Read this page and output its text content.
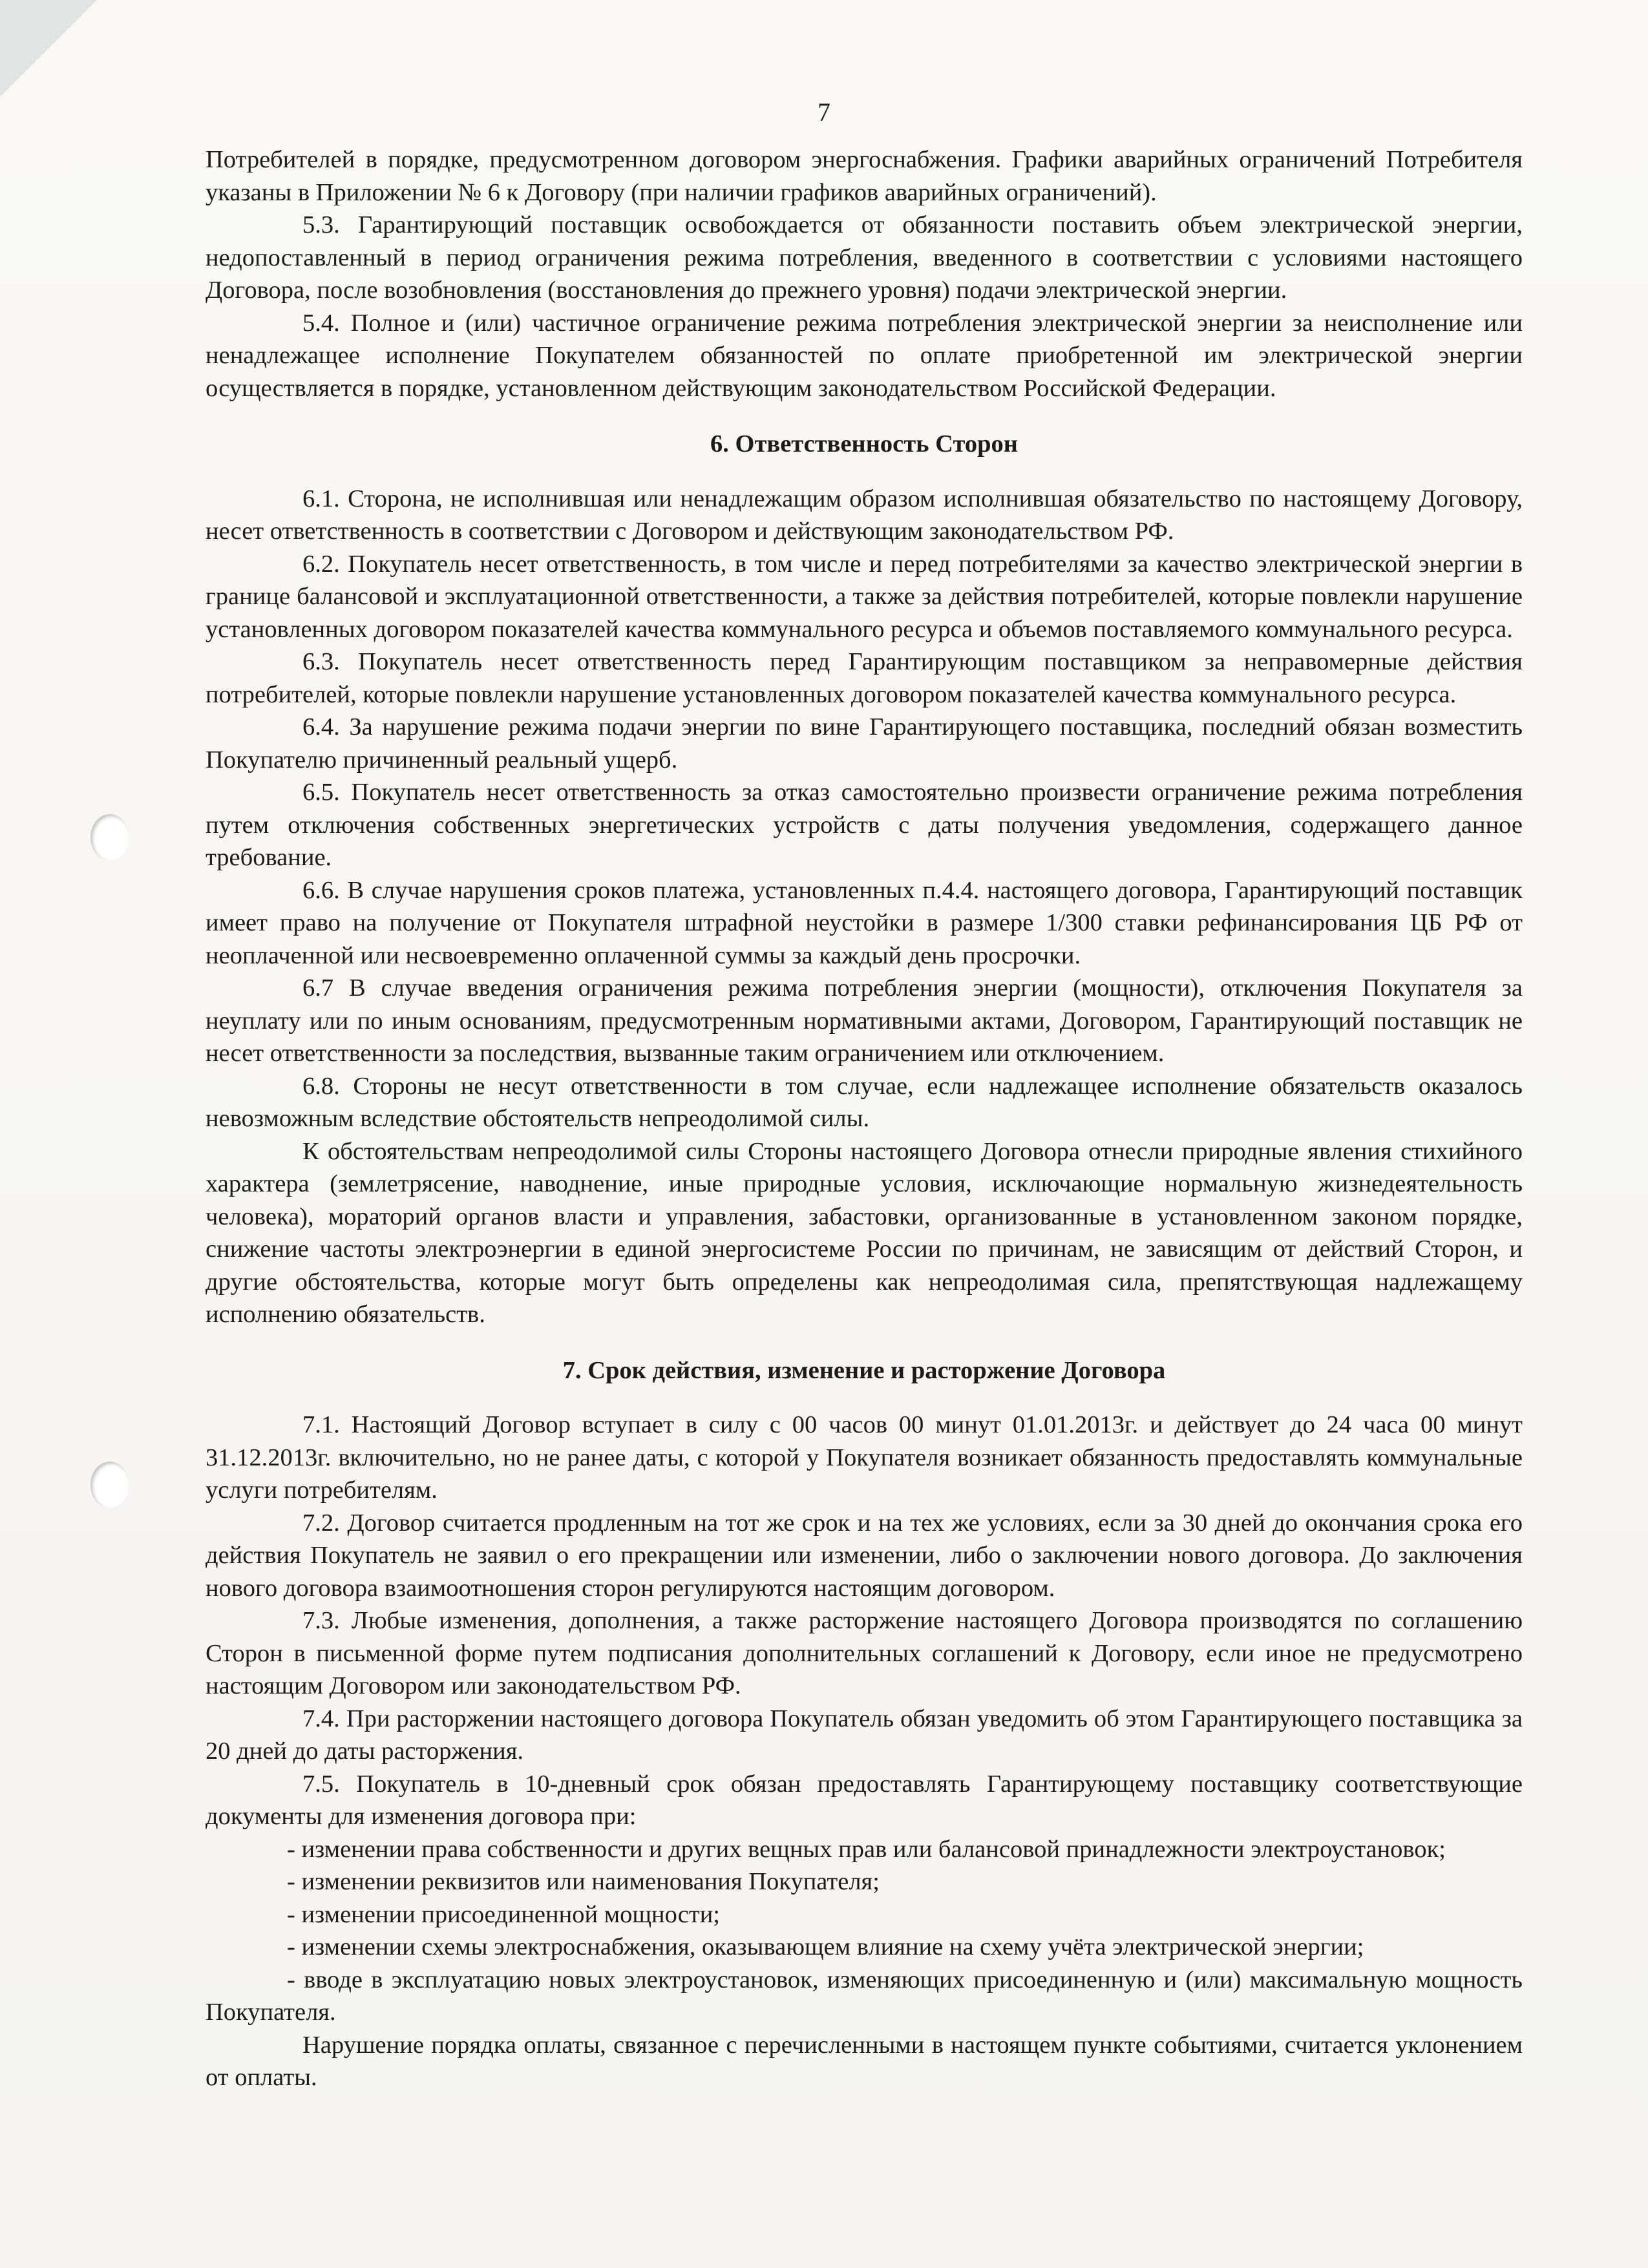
7

Потребителей в порядке, предусмотренном договором энергоснабжения. Графики аварийных ограничений Потребителя указаны в Приложении № 6 к Договору (при наличии графиков аварийных ограничений).

5.3. Гарантирующий поставщик освобождается от обязанности поставить объем электрической энергии, недопоставленный в период ограничения режима потребления, введенного в соответствии с условиями настоящего Договора, после возобновления (восстановления до прежнего уровня) подачи электрической энергии.

5.4. Полное и (или) частичное ограничение режима потребления электрической энергии за неисполнение или ненадлежащее исполнение Покупателем обязанностей по оплате приобретенной им электрической энергии осуществляется в порядке, установленном действующим законодательством Российской Федерации.

6. Ответственность Сторон

6.1. Сторона, не исполнившая или ненадлежащим образом исполнившая обязательство по настоящему Договору, несет ответственность в соответствии с Договором и действующим законодательством РФ.

6.2. Покупатель несет ответственность, в том числе и перед потребителями за качество электрической энергии в границе балансовой и эксплуатационной ответственности, а также за действия потребителей, которые повлекли нарушение установленных договором показателей качества коммунального ресурса и объемов поставляемого коммунального ресурса.

6.3. Покупатель несет ответственность перед Гарантирующим поставщиком за неправомерные действия потребителей, которые повлекли нарушение установленных договором показателей качества коммунального ресурса.

6.4. За нарушение режима подачи энергии по вине Гарантирующего поставщика, последний обязан возместить Покупателю причиненный реальный ущерб.

6.5. Покупатель несет ответственность за отказ самостоятельно произвести ограничение режима потребления путем отключения собственных энергетических устройств с даты получения уведомления, содержащего данное требование.

6.6. В случае нарушения сроков платежа, установленных п.4.4. настоящего договора, Гарантирующий поставщик имеет право на получение от Покупателя штрафной неустойки в размере 1/300 ставки рефинансирования ЦБ РФ от неоплаченной или несвоевременно оплаченной суммы за каждый день просрочки.

6.7 В случае введения ограничения режима потребления энергии (мощности), отключения Покупателя за неуплату или по иным основаниям, предусмотренным нормативными актами, Договором, Гарантирующий поставщик не несет ответственности за последствия, вызванные таким ограничением или отключением.

6.8. Стороны не несут ответственности в том случае, если надлежащее исполнение обязательств оказалось невозможным вследствие обстоятельств непреодолимой силы.

К обстоятельствам непреодолимой силы Стороны настоящего Договора отнесли природные явления стихийного характера (землетрясение, наводнение, иные природные условия, исключающие нормальную жизнедеятельность человека), мораторий органов власти и управления, забастовки, организованные в установленном законом порядке, снижение частоты электроэнергии в единой энергосистеме России по причинам, не зависящим от действий Сторон, и другие обстоятельства, которые могут быть определены как непреодолимая сила, препятствующая надлежащему исполнению обязательств.

7. Срок действия, изменение и расторжение Договора

7.1. Настоящий Договор вступает в силу с 00 часов 00 минут 01.01.2013г. и действует до 24 часа 00 минут 31.12.2013г. включительно, но не ранее даты, с которой у Покупателя возникает обязанность предоставлять коммунальные услуги потребителям.

7.2. Договор считается продленным на тот же срок и на тех же условиях, если за 30 дней до окончания срока его действия Покупатель не заявил о его прекращении или изменении, либо о заключении нового договора. До заключения нового договора взаимоотношения сторон регулируются настоящим договором.

7.3. Любые изменения, дополнения, а также расторжение настоящего Договора производятся по соглашению Сторон в письменной форме путем подписания дополнительных соглашений к Договору, если иное не предусмотрено настоящим Договором или законодательством РФ.

7.4. При расторжении настоящего договора Покупатель обязан уведомить об этом Гарантирующего поставщика за 20 дней до даты расторжения.

7.5. Покупатель в 10-дневный срок обязан предоставлять Гарантирующему поставщику соответствующие документы для изменения договора при:

- изменении права собственности и других вещных прав или балансовой принадлежности электроустановок;

- изменении реквизитов или наименования Покупателя;

- изменении присоединенной мощности;

- изменении схемы электроснабжения, оказывающем влияние на схему учёта электрической энергии;

- вводе в эксплуатацию новых электроустановок, изменяющих присоединенную и (или) максимальную мощность Покупателя.

Нарушение порядка оплаты, связанное с перечисленными в настоящем пункте событиями, считается уклонением от оплаты.
